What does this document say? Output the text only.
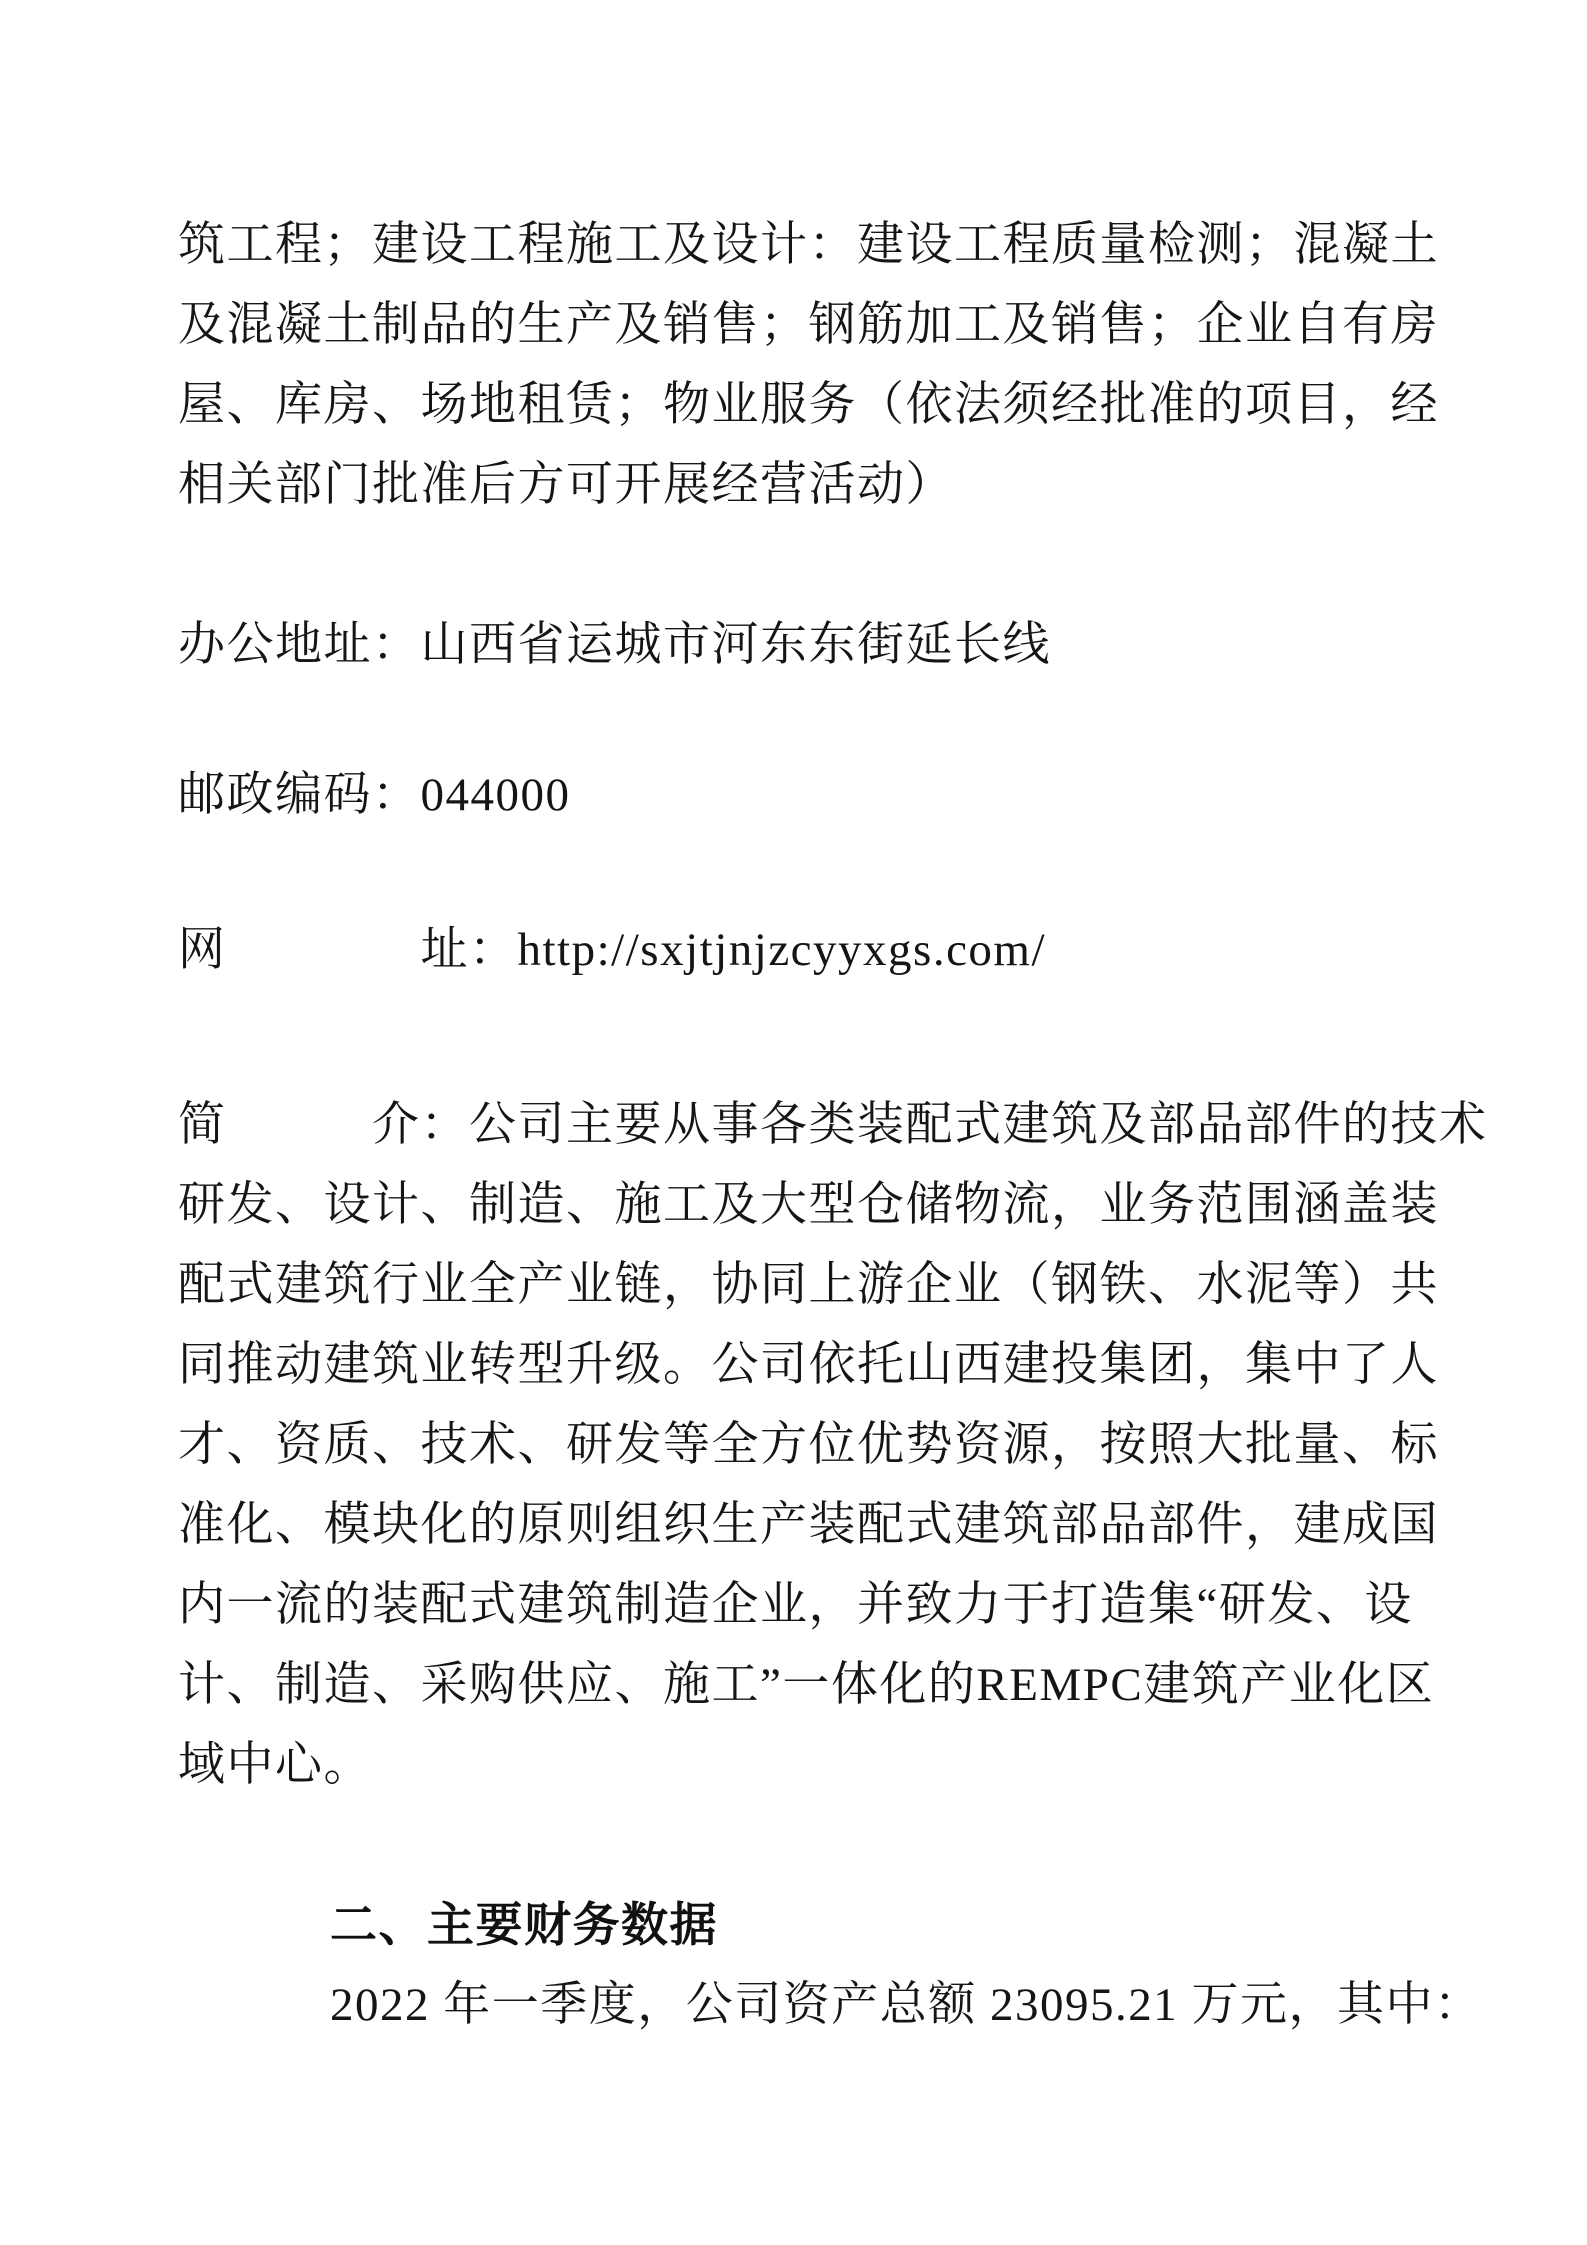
筑工程；建设工程施工及设计：建设工程质量检测；混凝土
及混凝土制品的生产及销售；钢筋加工及销售；企业自有房
屋、库房、场地租赁；物业服务（依法须经批准的项目，经
相关部门批准后方可开展经营活动）
办公地址：山西省运城市河东东街延长线
邮政编码：044000
网　　　　址：http://sxjtjnjzcyyxgs.com/
简　　　介：公司主要从事各类装配式建筑及部品部件的技术
研发、设计、制造、施工及大型仓储物流，业务范围涵盖装
配式建筑行业全产业链，协同上游企业（钢铁、水泥等）共
同推动建筑业转型升级。公司依托山西建投集团，集中了人
才、资质、技术、研发等全方位优势资源，按照大批量、标
准化、模块化的原则组织生产装配式建筑部品部件，建成国
内一流的装配式建筑制造企业，并致力于打造集“研发、设
计、制造、采购供应、施工”一体化的REMPC建筑产业化区
域中心。
二、主要财务数据
2022 年一季度，公司资产总额 23095.21 万元，其中：
